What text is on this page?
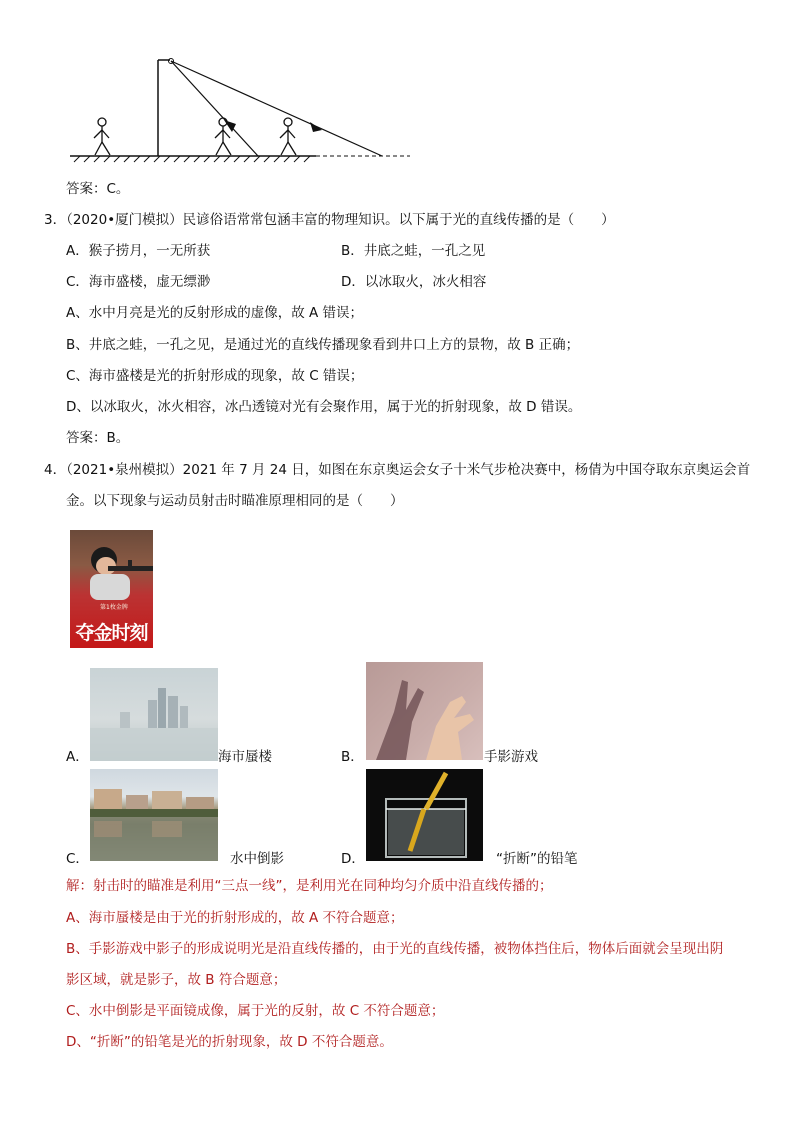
答案：C。
3．（2020•厦门模拟）民谚俗语常常包涵丰富的物理知识。以下属于光的直线传播的是（　　）
A．猴子捞月，一无所获	B．井底之蛙，一孔之见
C．海市盛楼，虚无缥渺	D．以冰取火，冰火相容
A、水中月亮是光的反射形成的虚像，故 A 错误；
B、井底之蛙，一孔之见，是通过光的直线传播现象看到井口上方的景物，故 B 正确；
C、海市盛楼是光的折射形成的现象，故 C 错误；
D、以冰取火，冰火相容，冰凸透镜对光有会聚作用，属于光的折射现象，故 D 错误。
答案：B。
4．（2021•泉州模拟）2021 年 7 月 24 日，如图在东京奥运会女子十米气步枪决赛中，杨倩为中国夺取东京奥运会首
金。以下现象与运动员射击时瞄准原理相同的是（　　）
第1枚金牌
夺金时刻
A．	海市蜃楼	B．	手影游戏
C．	水中倒影	D．	“折断”的铅笔
解：射击时的瞄准是利用“三点一线”，是利用光在同种均匀介质中沿直线传播的；
A、海市蜃楼是由于光的折射形成的，故 A 不符合题意；
B、手影游戏中影子的形成说明光是沿直线传播的，由于光的直线传播，被物体挡住后，物体后面就会呈现出阴
影区域，就是影子，故 B 符合题意；
C、水中倒影是平面镜成像，属于光的反射，故 C 不符合题意；
D、“折断”的铅笔是光的折射现象，故 D 不符合题意。
